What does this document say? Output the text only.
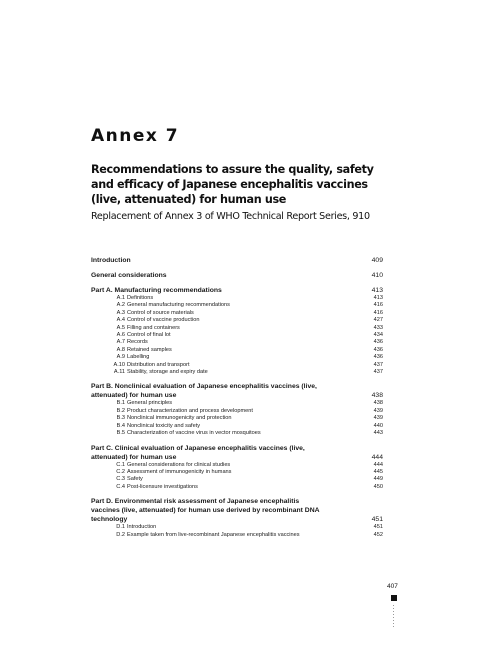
Annex 7
Recommendations to assure the quality, safety and efficacy of Japanese encephalitis vaccines (live, attenuated) for human use
Replacement of Annex 3 of WHO Technical Report Series, 910
Introduction	409
General considerations	410
Part A. Manufacturing recommendations	413
A.1 Definitions	413
A.2 General manufacturing recommendations	416
A.3 Control of source materials	416
A.4 Control of vaccine production	427
A.5 Filling and containers	433
A.6 Control of final lot	434
A.7 Records	436
A.8 Retained samples	436
A.9 Labelling	436
A.10 Distribution and transport	437
A.11 Stability, storage and expiry date	437
Part B. Nonclinical evaluation of Japanese encephalitis vaccines (live, attenuated) for human use	438
B.1 General principles	438
B.2 Product characterization and process development	439
B.3 Nonclinical immunogenicity and protection	439
B.4 Nonclinical toxicity and safety	440
B.5 Characterization of vaccine virus in vector mosquitoes	443
Part C. Clinical evaluation of Japanese encephalitis vaccines (live, attenuated) for human use	444
C.1 General considerations for clinical studies	444
C.2 Assessment of immunogenicity in humans	445
C.3 Safety	449
C.4 Post-licensure investigations	450
Part D. Environmental risk assessment of Japanese encephalitis vaccines (live, attenuated) for human use derived by recombinant DNA technology	451
D.1 Introduction	451
D.2 Example taken from live-recombinant Japanese encephalitis vaccines	452
407
